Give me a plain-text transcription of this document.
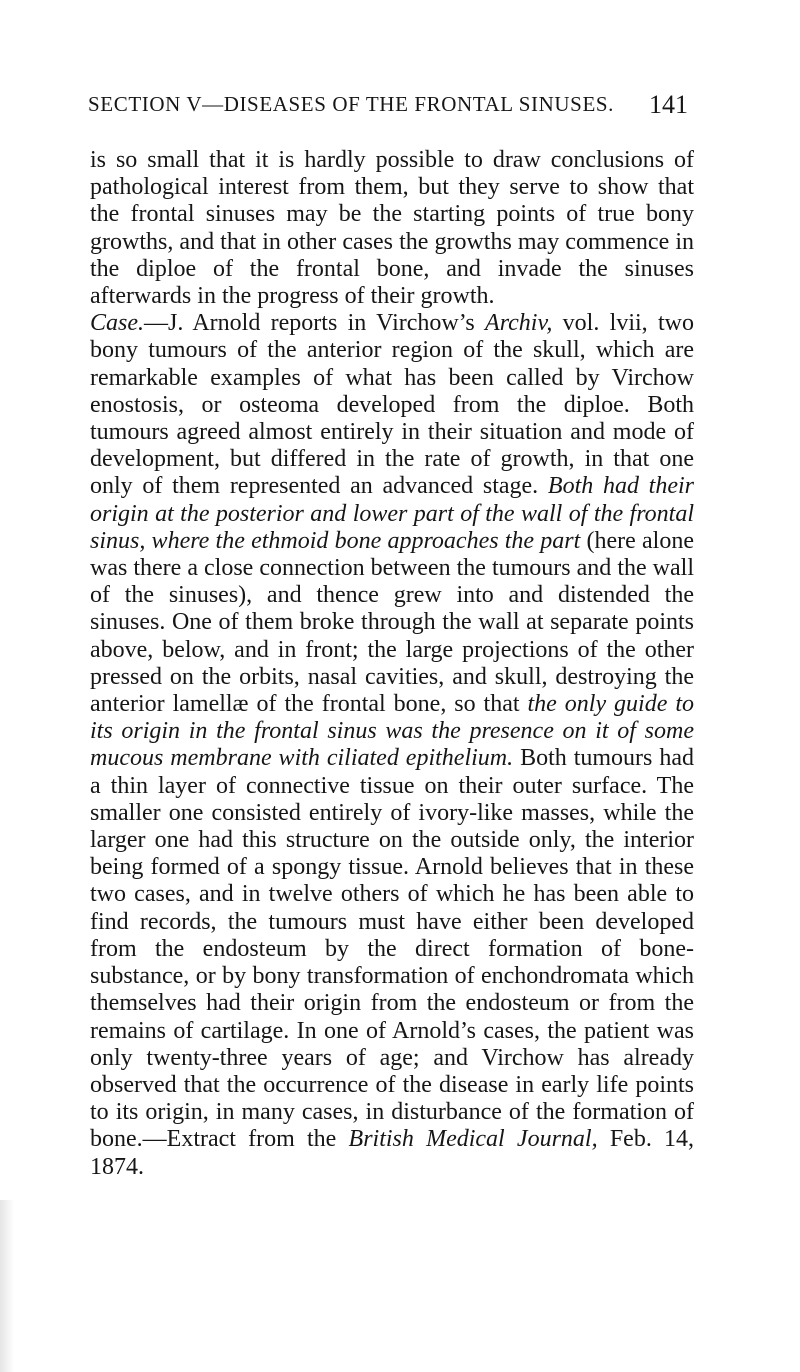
SECTION V—DISEASES OF THE FRONTAL SINUSES. 141

is so small that it is hardly possible to draw conclusions of pathological interest from them, but they serve to show that the frontal sinuses may be the starting points of true bony growths, and that in other cases the growths may commence in the diploe of the frontal bone, and invade the sinuses afterwards in the progress of their growth.

Case.—J. Arnold reports in Virchow’s Archiv, vol. lvii, two bony tumours of the anterior region of the skull, which are remarkable examples of what has been called by Virchow enostosis, or osteoma developed from the diploe. Both tumours agreed almost entirely in their situation and mode of development, but differed in the rate of growth, in that one only of them represented an advanced stage. Both had their origin at the posterior and lower part of the wall of the frontal sinus, where the ethmoid bone approaches the part (here alone was there a close connection between the tumours and the wall of the sinuses), and thence grew into and distended the sinuses. One of them broke through the wall at separate points above, below, and in front; the large projections of the other pressed on the orbits, nasal cavities, and skull, destroying the anterior lamellæ of the frontal bone, so that the only guide to its origin in the frontal sinus was the presence on it of some mucous membrane with ciliated epithelium. Both tumours had a thin layer of connective tissue on their outer surface. The smaller one consisted entirely of ivory-like masses, while the larger one had this structure on the outside only, the interior being formed of a spongy tissue. Arnold believes that in these two cases, and in twelve others of which he has been able to find records, the tumours must have either been developed from the endosteum by the direct formation of bone-substance, or by bony transformation of enchondromata which themselves had their origin from the endosteum or from the remains of cartilage. In one of Arnold’s cases, the patient was only twenty-three years of age; and Virchow has already observed that the occurrence of the disease in early life points to its origin, in many cases, in disturbance of the formation of bone.—Extract from the British Medical Journal, Feb. 14, 1874.
